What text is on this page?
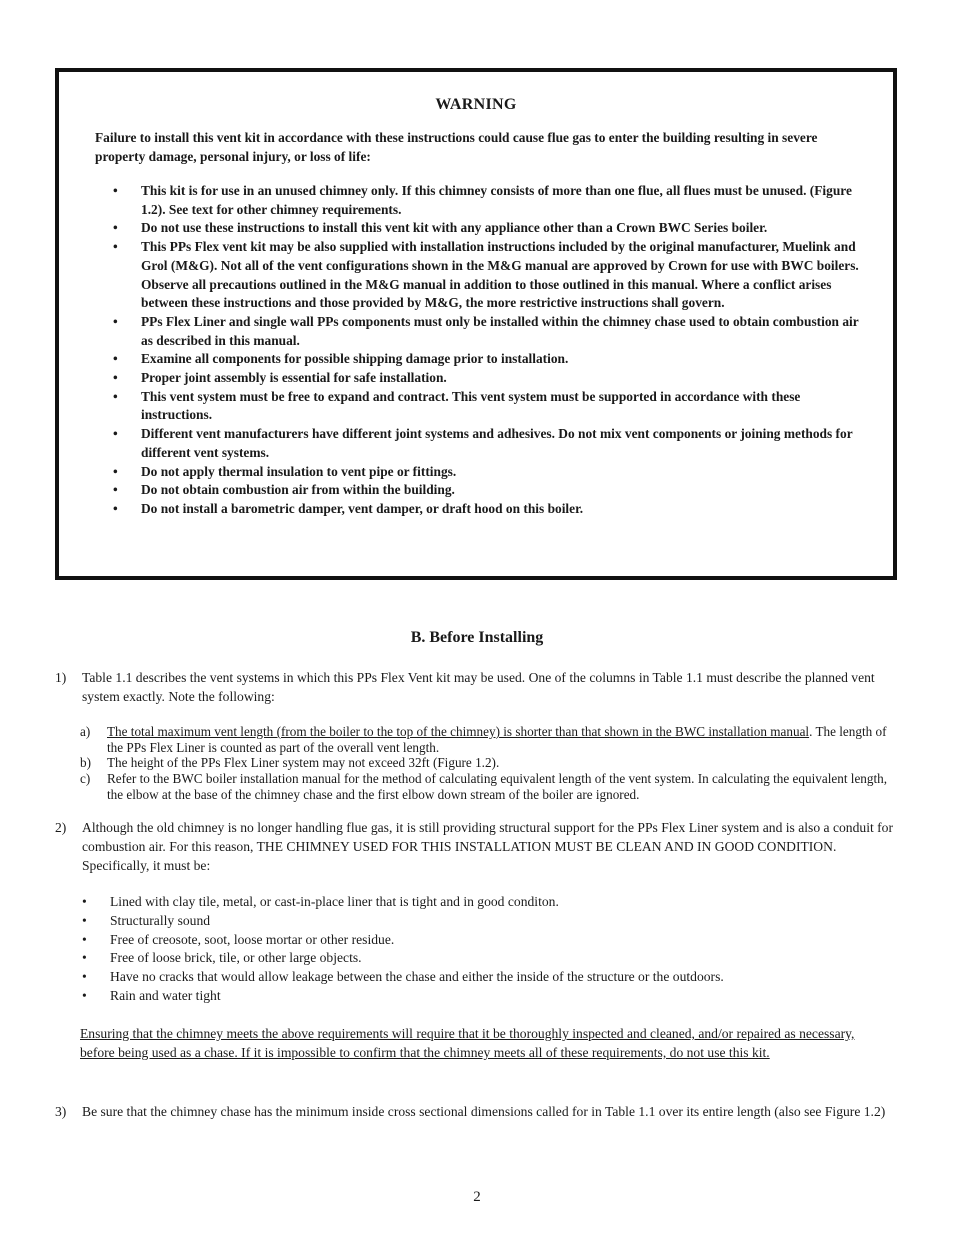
WARNING
Failure to install this vent kit in accordance with these instructions could cause flue gas to enter the building resulting in severe property damage, personal injury, or loss of life:
• This kit is for use in an unused chimney only. If this chimney consists of more than one flue, all flues must be unused. (Figure 1.2). See text for other chimney requirements.
• Do not use these instructions to install this vent kit with any appliance other than a Crown BWC Series boiler.
• This PPs Flex vent kit may be also supplied with installation instructions included by the original manufacturer, Muelink and Grol (M&G). Not all of the vent configurations shown in the M&G manual are approved by Crown for use with BWC boilers. Observe all precautions outlined in the M&G manual in addition to those outlined in this manual. Where a conflict arises between these instructions and those provided by M&G, the more restrictive instructions shall govern.
• PPs Flex Liner and single wall PPs components must only be installed within the chimney chase used to obtain combustion air as described in this manual.
• Examine all components for possible shipping damage prior to installation.
• Proper joint assembly is essential for safe installation.
• This vent system must be free to expand and contract. This vent system must be supported in accordance with these instructions.
• Different vent manufacturers have different joint systems and adhesives. Do not mix vent components or joining methods for different vent systems.
• Do not apply thermal insulation to vent pipe or fittings.
• Do not obtain combustion air from within the building.
• Do not install a barometric damper, vent damper, or draft hood on this boiler.
B. Before Installing
1) Table 1.1 describes the vent systems in which this PPs Flex Vent kit may be used. One of the columns in Table 1.1 must describe the planned vent system exactly. Note the following:
a) The total maximum vent length (from the boiler to the top of the chimney) is shorter than that shown in the BWC installation manual. The length of the PPs Flex Liner is counted as part of the overall vent length.
b) The height of the PPs Flex Liner system may not exceed 32ft (Figure 1.2).
c) Refer to the BWC boiler installation manual for the method of calculating equivalent length of the vent system. In calculating the equivalent length, the elbow at the base of the chimney chase and the first elbow down stream of the boiler are ignored.
2) Although the old chimney is no longer handling flue gas, it is still providing structural support for the PPs Flex Liner system and is also a conduit for combustion air. For this reason, THE CHIMNEY USED FOR THIS INSTALLATION MUST BE CLEAN AND IN GOOD CONDITION. Specifically, it must be:
• Lined with clay tile, metal, or cast-in-place liner that is tight and in good conditon.
• Structurally sound
• Free of creosote, soot, loose mortar or other residue.
• Free of loose brick, tile, or other large objects.
• Have no cracks that would allow leakage between the chase and either the inside of the structure or the outdoors.
• Rain and water tight
Ensuring that the chimney meets the above requirements will require that it be thoroughly inspected and cleaned, and/or repaired as necessary, before being used as a chase. If it is impossible to confirm that the chimney meets all of these requirements, do not use this kit.
3) Be sure that the chimney chase has the minimum inside cross sectional dimensions called for in Table 1.1 over its entire length (also see Figure 1.2)
2
